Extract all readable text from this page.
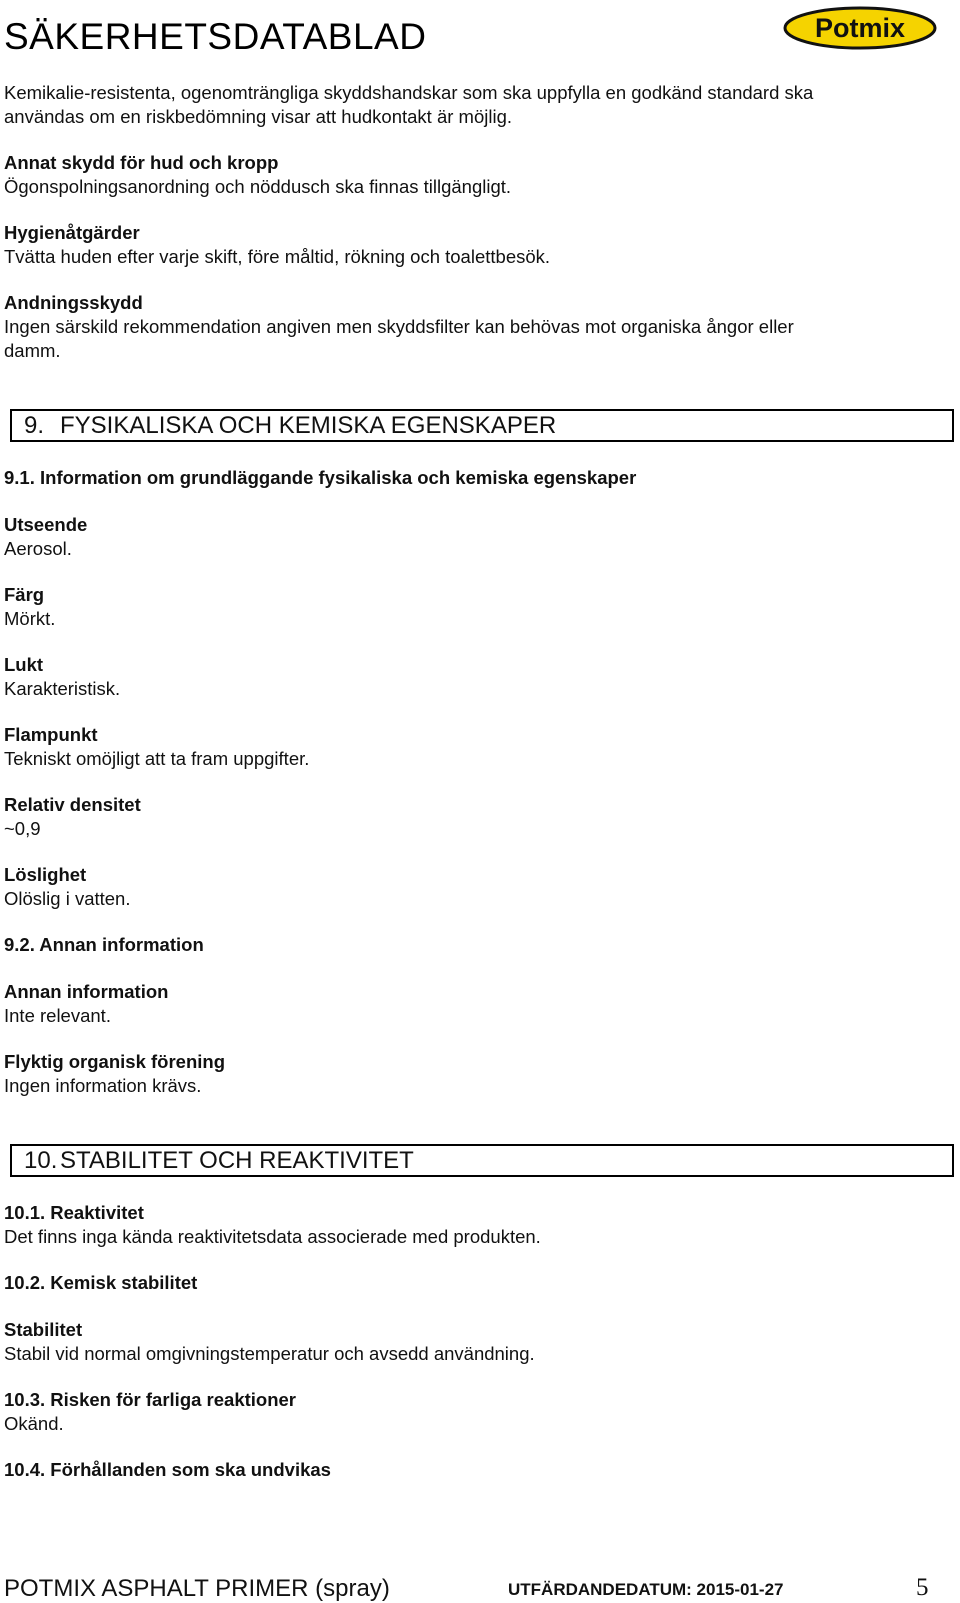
SÄKERHETSDATABLAD	Potmix

Kemikalie-resistenta, ogenomträngliga skyddshandskar som ska uppfylla en godkänd standard ska

användas om en riskbedömning visar att hudkontakt är möjlig.

Annat skydd för hud och kropp

Ögonspolningsanordning och nöddusch ska finnas tillgängligt.

Hygienåtgärder

Tvätta huden efter varje skift, före måltid, rökning och toalettbesök.

Andningsskydd

Ingen särskild rekommendation angiven men skyddsfilter kan behövas mot organiska ångor eller

damm.

9. FYSIKALISKA OCH KEMISKA EGENSKAPER

9.1. Information om grundläggande fysikaliska och kemiska egenskaper

Utseende

Aerosol.

Färg

Mörkt.

Lukt

Karakteristisk.

Flampunkt

Tekniskt omöjligt att ta fram uppgifter.

Relativ densitet

~0,9

Löslighet

Olöslig i vatten.

9.2. Annan information

Annan information

Inte relevant.

Flyktig organisk förening

Ingen information krävs.

10. STABILITET OCH REAKTIVITET

10.1. Reaktivitet

Det finns inga kända reaktivitetsdata associerade med produkten.

10.2. Kemisk stabilitet

Stabilitet

Stabil vid normal omgivningstemperatur och avsedd användning.

10.3. Risken för farliga reaktioner

Okänd.

10.4. Förhållanden som ska undvikas

POTMIX ASPHALT PRIMER (spray)	UTFÄRDANDEDATUM: 2015-01-27	5
